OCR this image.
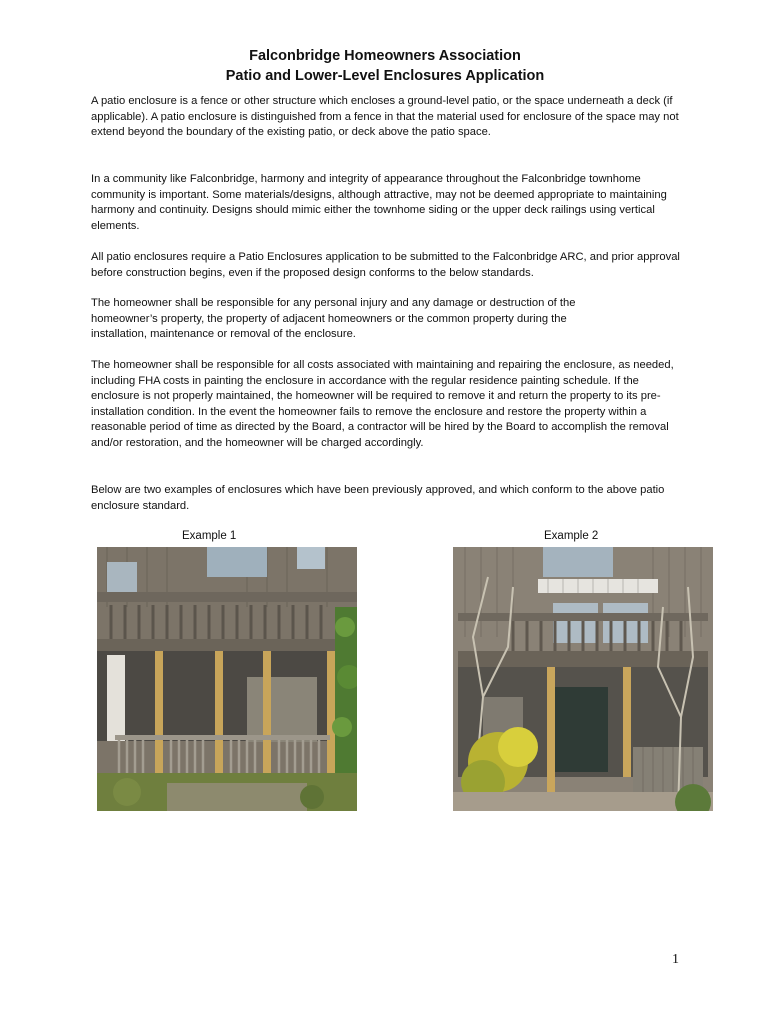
Falconbridge Homeowners Association
Patio and Lower-Level Enclosures Application

A patio enclosure is a fence or other structure which encloses a ground-level patio, or the space underneath a deck (if applicable). A patio enclosure is distinguished from a fence in that the material used for enclosure of the space may not extend beyond the boundary of the existing patio, or deck above the patio space.

In a community like Falconbridge, harmony and integrity of appearance throughout the Falconbridge townhome community is important. Some materials/designs, although attractive, may not be deemed appropriate to maintaining harmony and continuity. Designs should mimic either the townhome siding or the upper deck railings using vertical elements.

All patio enclosures require a Patio Enclosures application to be submitted to the Falconbridge ARC, and prior approval before construction begins, even if the proposed design conforms to the below standards.

The homeowner shall be responsible for any personal injury and any damage or destruction of the homeowner’s property, the property of adjacent homeowners or the common property during the installation, maintenance or removal of the enclosure.

The homeowner shall be responsible for all costs associated with maintaining and repairing the enclosure, as needed, including FHA costs in painting the enclosure in accordance with the regular residence painting schedule. If the enclosure is not properly maintained, the homeowner will be required to remove it and return the property to its pre-installation condition. In the event the homeowner fails to remove the enclosure and restore the property within a reasonable period of time as directed by the Board, a contractor will be hired by the Board to accomplish the removal and/or restoration, and the homeowner will be charged accordingly.

Below are two examples of enclosures which have been previously approved, and which conform to the above patio enclosure standard.

Example 1	Example 2
1
